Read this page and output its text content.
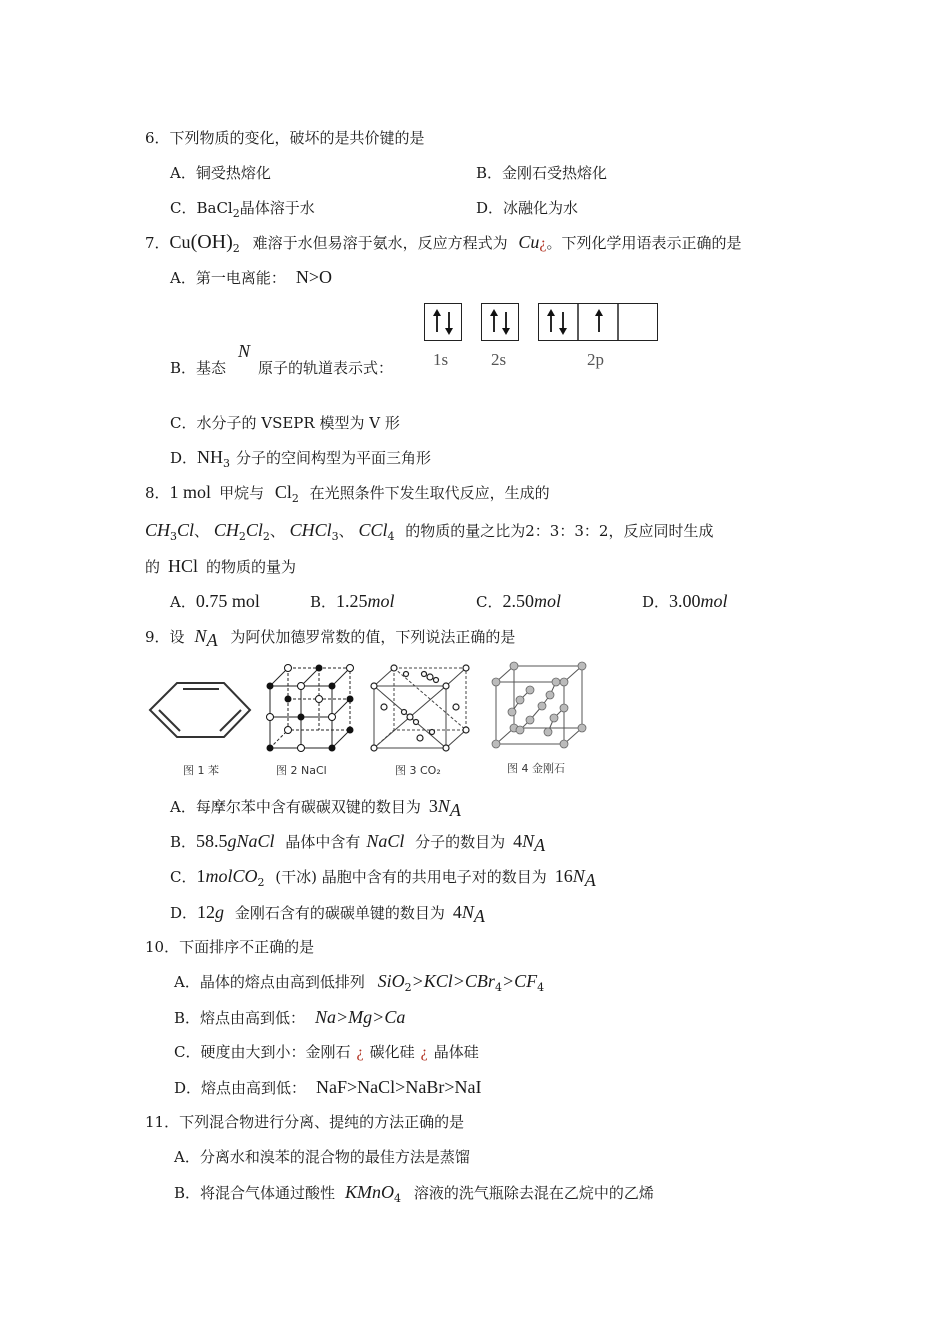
6．下列物质的变化，破坏的是共价键的是
A．铜受热熔化	B．金刚石受热熔化
C．BaCl$_2$晶体溶于水	D．冰融化为水
7．$Cu(OH)_2$ 难溶于水但易溶于氨水，反应方程式为 Cu¿。下列化学用语表示正确的是
A．第一电离能： N>O
1s	2s	2p
N
B．基态 原子的轨道表示式：
C．水分子的 VSEPR 模型为 V 形
D．$NH_3$ 分子的空间构型为平面三角形
8．1 mol 甲烷与 $Cl_2$ 在光照条件下发生取代反应，生成的
$CH_3Cl$、 $CH_2Cl_2$、 CHCl$_3$、 CCl$_4$ 的物质的量之比为2：3：3：2，反应同时生成
的 HCl 的物质的量为
A．0.75 mol	B．1.25mol	C．2.50mol	D．3.00mol
9．设 $N_A$ 为阿伏加德罗常数的值，下列说法正确的是
图 1 苯	图 2 NaCl	图 3 CO₂	图 4 金刚石
A．每摩尔苯中含有碳碳双键的数目为 $3N_A$
B．58.5gNaCl 晶体中含有 NaCl 分子的数目为 $4N_A$
C．1molCO$_2$ (干冰) 晶胞中含有的共用电子对的数目为 $16N_A$
D．12g 金刚石含有的碳碳单键的数目为 $4N_A$
10．下面排序不正确的是
A．晶体的熔点由高到低排列 $SiO_2>KCl>CBr_4>CF_4$
B．熔点由高到低： Na>Mg>Ca
C．硬度由大到小：金刚石 ¿ 碳化硅 ¿ 晶体硅
D．熔点由高到低： NaF>NaCl>NaBr>NaI
11．下列混合物进行分离、提纯的方法正确的是
A．分离水和溴苯的混合物的最佳方法是蒸馏
B．将混合气体通过酸性 KMnO$_4$ 溶液的洗气瓶除去混在乙烷中的乙烯
